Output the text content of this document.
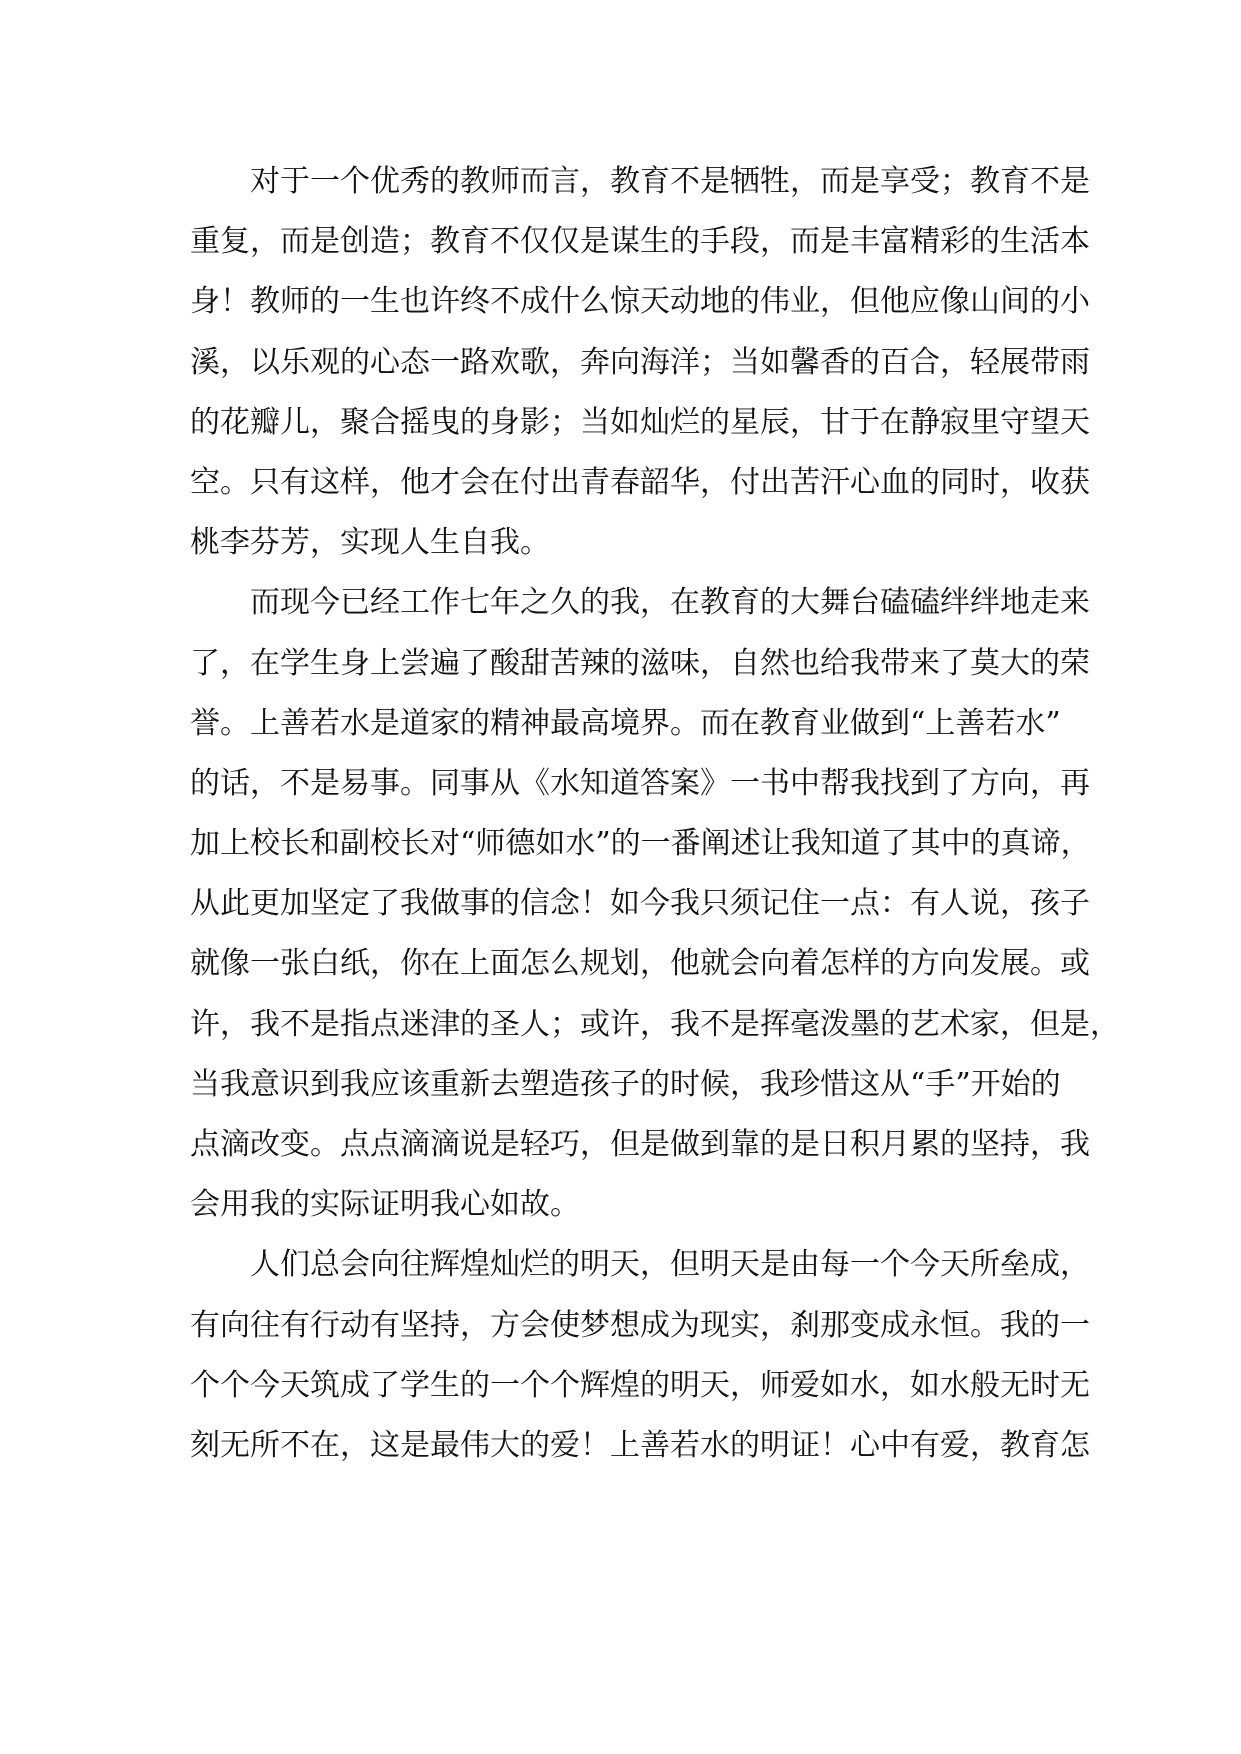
对于一个优秀的教师而言，教育不是牺牲，而是享受；教育不是
重复，而是创造；教育不仅仅是谋生的手段，而是丰富精彩的生活本
身！教师的一生也许终不成什么惊天动地的伟业，但他应像山间的小
溪，以乐观的心态一路欢歌，奔向海洋；当如馨香的百合，轻展带雨
的花瓣儿，聚合摇曳的身影；当如灿烂的星辰，甘于在静寂里守望天
空。只有这样，他才会在付出青春韶华，付出苦汗心血的同时，收获
桃李芬芳，实现人生自我。
而现今已经工作七年之久的我，在教育的大舞台磕磕绊绊地走来
了，在学生身上尝遍了酸甜苦辣的滋味，自然也给我带来了莫大的荣
誉。上善若水是道家的精神最高境界。而在教育业做到“上善若水”
的话，不是易事。同事从《水知道答案》一书中帮我找到了方向，再
加上校长和副校长对“师德如水”的一番阐述让我知道了其中的真谛，
从此更加坚定了我做事的信念！如今我只须记住一点：有人说，孩子
就像一张白纸，你在上面怎么规划，他就会向着怎样的方向发展。或
许，我不是指点迷津的圣人；或许，我不是挥毫泼墨的艺术家，但是，
当我意识到我应该重新去塑造孩子的时候，我珍惜这从“手”开始的
点滴改变。点点滴滴说是轻巧，但是做到靠的是日积月累的坚持，我
会用我的实际证明我心如故。
人们总会向往辉煌灿烂的明天，但明天是由每一个今天所垒成，
有向往有行动有坚持，方会使梦想成为现实，刹那变成永恒。我的一
个个今天筑成了学生的一个个辉煌的明天，师爱如水，如水般无时无
刻无所不在，这是最伟大的爱！上善若水的明证！心中有爱，教育怎
